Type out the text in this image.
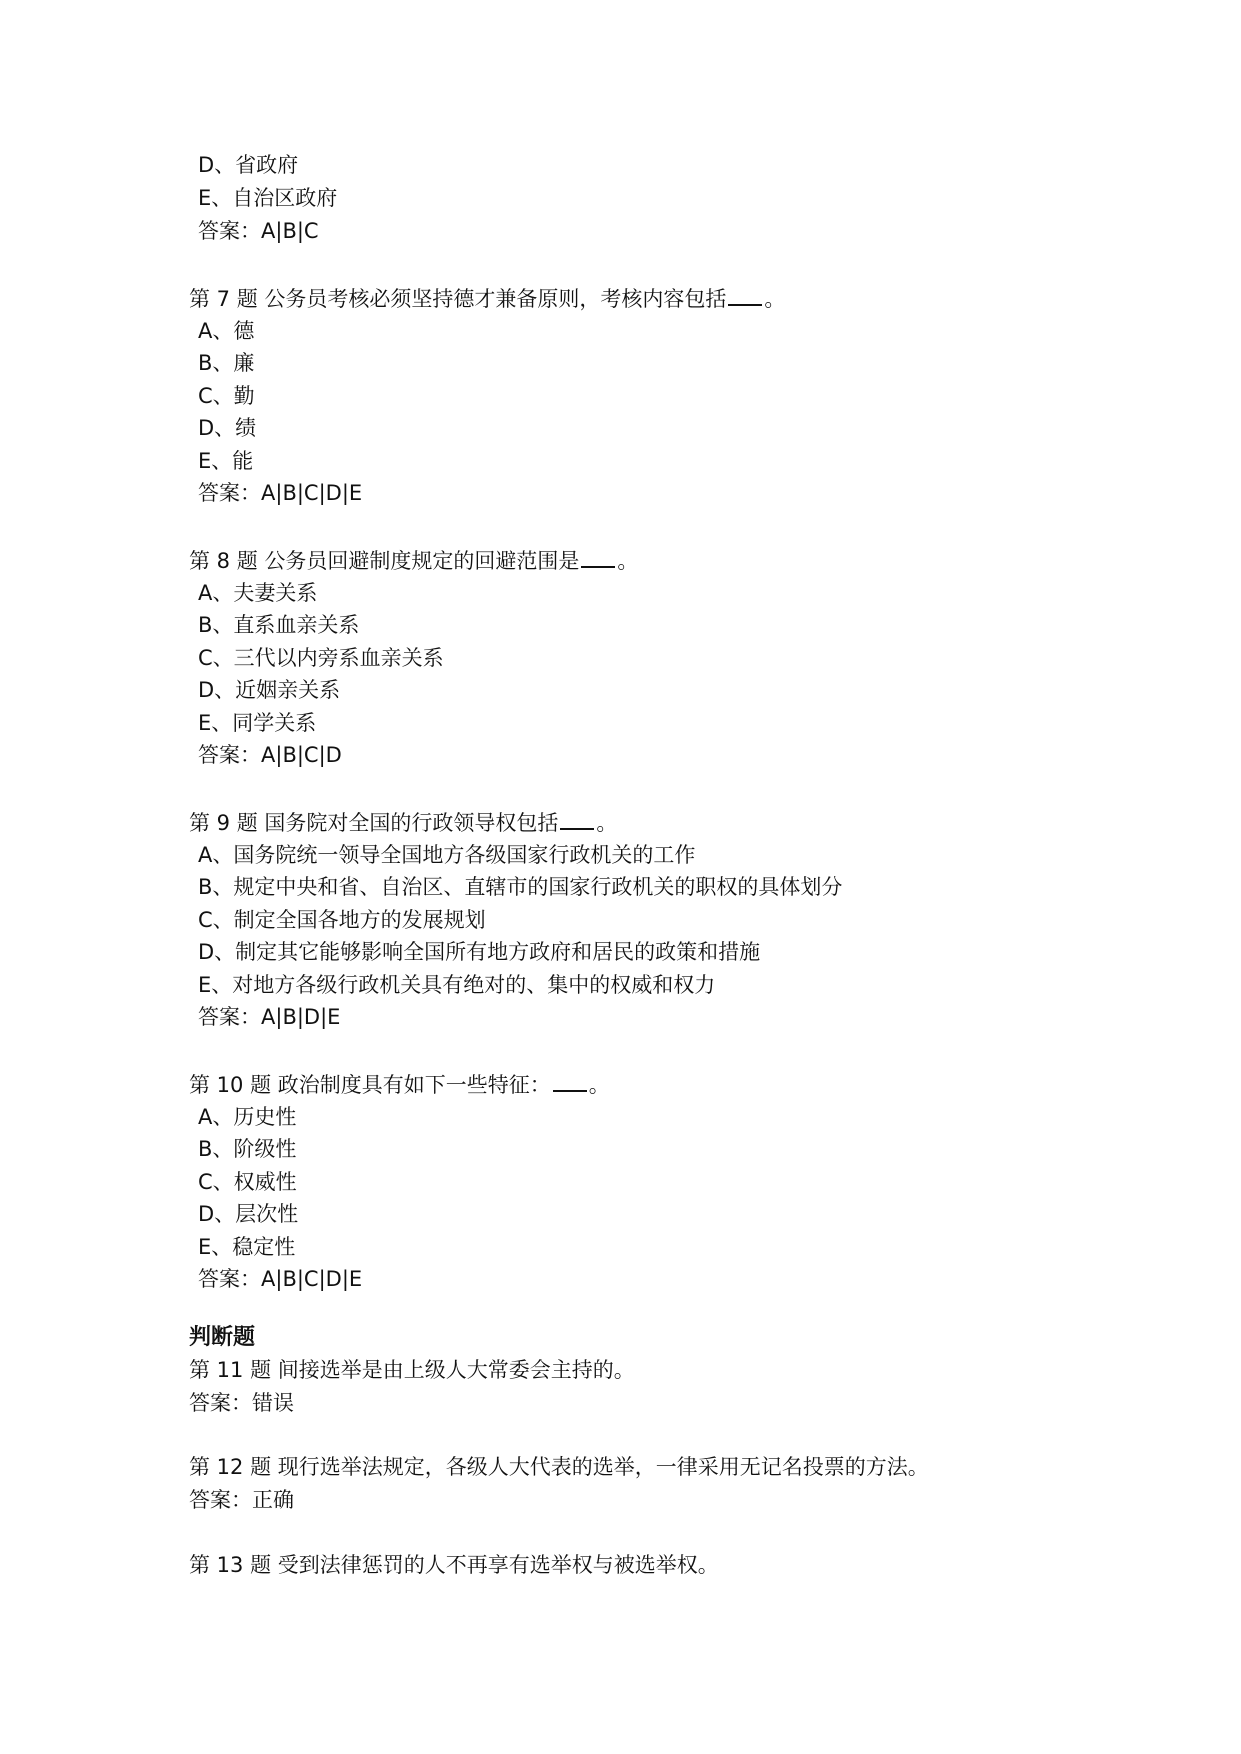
D、省政府
E、自治区政府
答案：A|B|C
第 7 题 公务员考核必须坚持德才兼备原则，考核内容包括 。
A、德
B、廉
C、勤
D、绩
E、能
答案：A|B|C|D|E
第 8 题 公务员回避制度规定的回避范围是 。
A、夫妻关系
B、直系血亲关系
C、三代以内旁系血亲关系
D、近姻亲关系
E、同学关系
答案：A|B|C|D
第 9 题 国务院对全国的行政领导权包括 。
A、国务院统一领导全国地方各级国家行政机关的工作
B、规定中央和省、自治区、直辖市的国家行政机关的职权的具体划分
C、制定全国各地方的发展规划
D、制定其它能够影响全国所有地方政府和居民的政策和措施
E、对地方各级行政机关具有绝对的、集中的权威和权力
答案：A|B|D|E
第 10 题 政治制度具有如下一些特征： 。
A、历史性
B、阶级性
C、权威性
D、层次性
E、稳定性
答案：A|B|C|D|E
判断题
第 11 题 间接选举是由上级人大常委会主持的。
答案：错误
第 12 题 现行选举法规定，各级人大代表的选举，一律采用无记名投票的方法。
答案：正确
第 13 题 受到法律惩罚的人不再享有选举权与被选举权。
